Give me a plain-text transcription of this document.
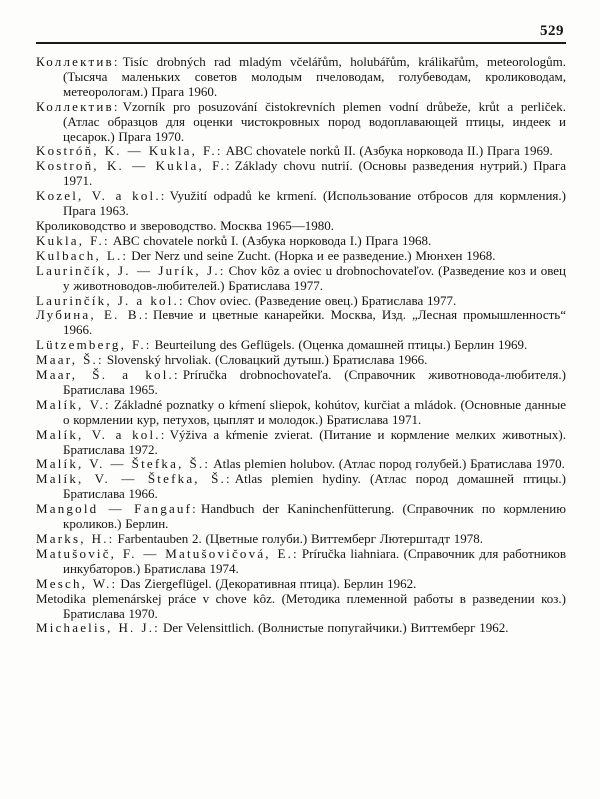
529

Коллектив: Tisíc drobných rad mladým včelářům, holubářům, králikařům, meteorologům. (Тысяча маленьких советов молодым пчеловодам, голубеводам, кролиководам, метеорологам.) Прага 1960.

Коллектив: Vzorník pro posuzování čistokrevních plemen vodní drůbeže, krůt a perliček. (Атлас образцов для оценки чистокровных пород водоплавающей птицы, индеек и цесарок.) Прага 1970.

Kostróň, K. — Kukla, F.: ABC chovatele norků II. (Азбука норковода II.) Прага 1969.

Kostroň, K. — Kukla, F.: Základy chovu nutrií. (Основы разведения нутрий.) Прага 1971.

Kozel, V. a kol.: Využití odpadů ke krmení. (Использование отбросов для кормления.) Прага 1963.

Кролиководство и звероводство. Москва 1965—1980.

Kukla, F.: ABC chovatele norků I. (Азбука норковода I.) Прага 1968.

Kulbach, L.: Der Nerz und seine Zucht. (Норка и ее разведение.) Мюнхен 1968.

Laurinčík, J. — Jurík, J.: Chov kôz a oviec u drobnochovateľov. (Разведение коз и овец у животноводов-любителей.) Братислава 1977.

Laurinčík, J. a kol.: Chov oviec. (Разведение овец.) Братислава 1977.

Лубина, Е. В.: Певчие и цветные канарейки. Москва, Изд. „Лесная промышленность“ 1966.

Lützemberg, F.: Beurteilung des Geflügels. (Оценка домашней птицы.) Берлин 1969.

Maar, Š.: Slovenský hrvoliak. (Словацкий дутыш.) Братислава 1966.

Maar, Š. a kol.: Príručka drobnochovateľa. (Справочник животновода-любителя.) Братислава 1965.

Malík, V.: Základné poznatky o kŕmení sliepok, kohútov, kurčiat a mládok. (Основные данные о кормлении кур, петухов, цыплят и молодок.) Братислава 1971.

Malík, V. a kol.: Výživa a kŕmenie zvierat. (Питание и кормление мелких животных). Братислава 1972.

Malík, V. — Štefka, Š.: Atlas plemien holubov. (Атлас пород голубей.) Братислава 1970.

Malík, V. — Štefka, Š.: Atlas plemien hydiny. (Атлас пород домашней птицы.) Братислава 1966.

Mangold — Fangauf: Handbuch der Kaninchenfütterung. (Справочник по кормлению кроликов.) Берлин.

Marks, H.: Farbentauben 2. (Цветные голуби.) Виттемберг Лютерштадт 1978.

Matušovič, F. — Matušovičová, E.: Príručka liahniara. (Справочник для работников инкубаторов.) Братислава 1974.

Mesch, W.: Das Ziergeflügel. (Декоративная птица). Берлин 1962.

Metodika plemenárskej práce v chove kôz. (Методика племенной работы в разведении коз.) Братислава 1970.

Michaelis, H. J.: Der Velensittlich. (Волнистые попугайчики.) Виттемберг 1962.
